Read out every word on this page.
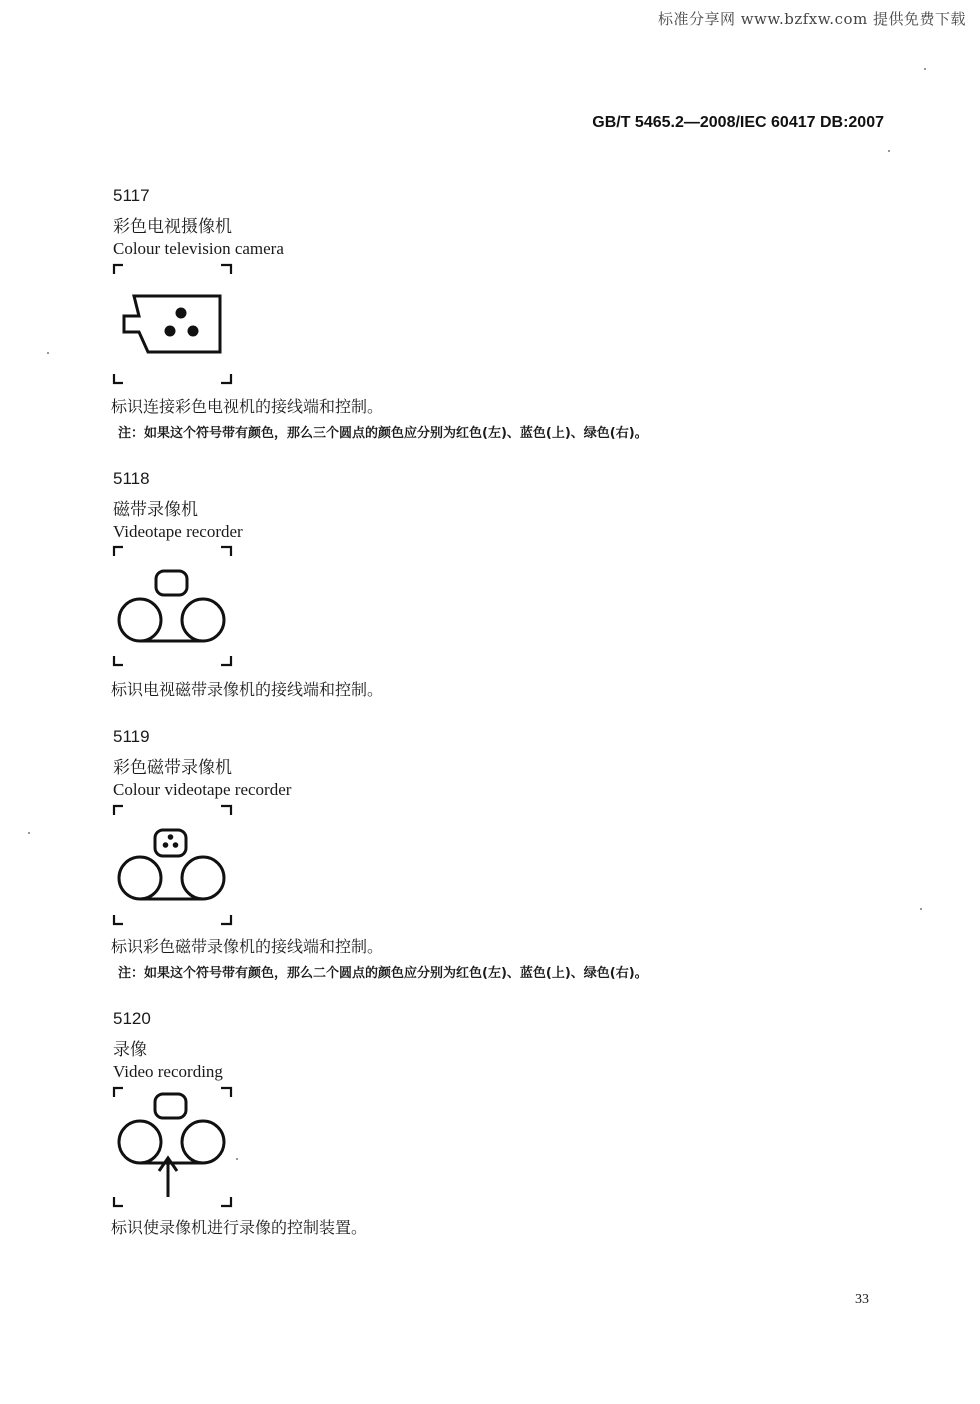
标准分享网 www.bzfxw.com 提供免费下载
GB/T 5465.2—2008/IEC 60417 DB:2007
5117
彩色电视摄像机
Colour television camera
标识连接彩色电视机的接线端和控制。
注：如果这个符号带有颜色，那么三个圆点的颜色应分别为红色(左)、蓝色(上)、绿色(右)。
5118
磁带录像机
Videotape recorder
标识电视磁带录像机的接线端和控制。
5119
彩色磁带录像机
Colour videotape recorder
标识彩色磁带录像机的接线端和控制。
注：如果这个符号带有颜色，那么二个圆点的颜色应分别为红色(左)、蓝色(上)、绿色(右)。
5120
录像
Video recording
标识使录像机进行录像的控制装置。
33
